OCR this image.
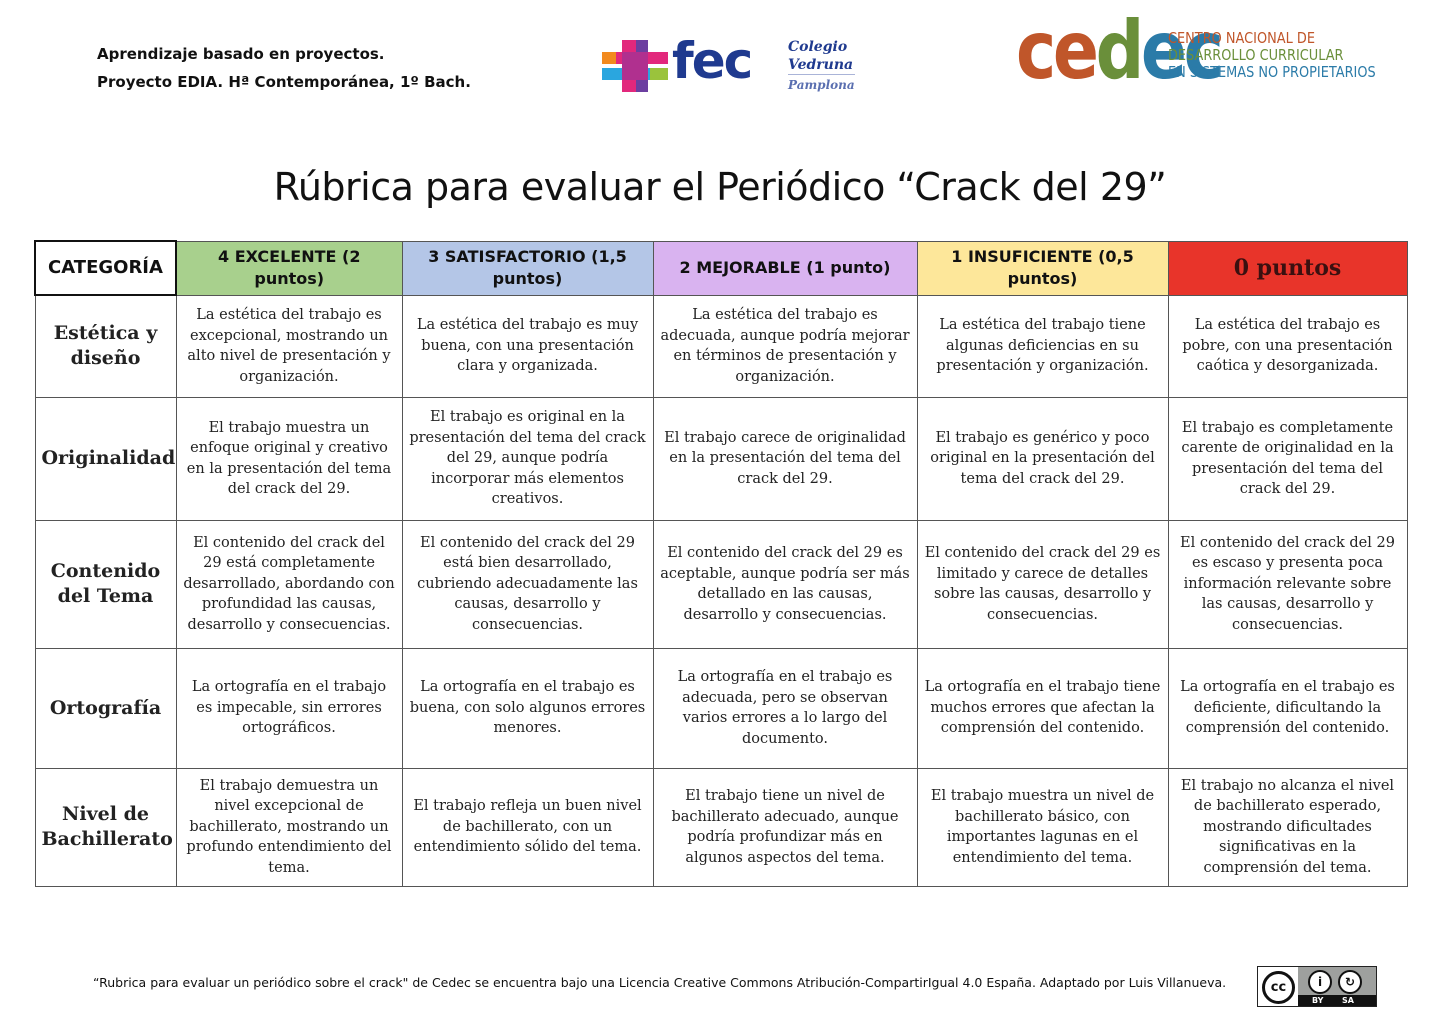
Aprendizaje basado en proyectos.
Proyecto EDIA. Hª Contemporánea, 1º Bach.	fec	Colegio
Vedruna
Pamplona cedec
CENTRO NACIONAL DE
DESARROLLO CURRICULAR
EN SISTEMAS NO PROPIETARIOS
Rúbrica para evaluar el Periódico “Crack del 29”
CATEGORÍA	4 EXCELENTE (2 puntos)	3 SATISFACTORIO (1,5 puntos)	2 MEJORABLE (1 punto)	1 INSUFICIENTE (0,5 puntos)	0 puntos
Estética y diseño	La estética del trabajo es excepcional, mostrando un alto nivel de presentación y organización.	La estética del trabajo es muy buena, con una presentación clara y organizada.	La estética del trabajo es adecuada, aunque podría mejorar en términos de presentación y organización.	La estética del trabajo tiene algunas deficiencias en su presentación y organización.	La estética del trabajo es pobre, con una presentación caótica y desorganizada.
Originalidad	El trabajo muestra un enfoque original y creativo en la presentación del tema del crack del 29.	El trabajo es original en la presentación del tema del crack del 29, aunque podría incorporar más elementos creativos.	El trabajo carece de originalidad en la presentación del tema del crack del 29.	El trabajo es genérico y poco original en la presentación del tema del crack del 29.	El trabajo es completamente carente de originalidad en la presentación del tema del crack del 29.
Contenido del Tema	El contenido del crack del 29 está completamente desarrollado, abordando con profundidad las causas, desarrollo y consecuencias.	El contenido del crack del 29 está bien desarrollado, cubriendo adecuadamente las causas, desarrollo y consecuencias.	El contenido del crack del 29 es aceptable, aunque podría ser más detallado en las causas, desarrollo y consecuencias.	El contenido del crack del 29 es limitado y carece de detalles sobre las causas, desarrollo y consecuencias.	El contenido del crack del 29 es escaso y presenta poca información relevante sobre las causas, desarrollo y consecuencias.
Ortografía	La ortografía en el trabajo es impecable, sin errores ortográficos.	La ortografía en el trabajo es buena, con solo algunos errores menores.	La ortografía en el trabajo es adecuada, pero se observan varios errores a lo largo del documento.	La ortografía en el trabajo tiene muchos errores que afectan la comprensión del contenido.	La ortografía en el trabajo es deficiente, dificultando la comprensión del contenido.
Nivel de Bachillerato	El trabajo demuestra un nivel excepcional de bachillerato, mostrando un profundo entendimiento del tema.	El trabajo refleja un buen nivel de bachillerato, con un entendimiento sólido del tema.	El trabajo tiene un nivel de bachillerato adecuado, aunque podría profundizar más en algunos aspectos del tema.	El trabajo muestra un nivel de bachillerato básico, con importantes lagunas en el entendimiento del tema.	El trabajo no alcanza el nivel de bachillerato esperado, mostrando dificultades significativas en la comprensión del tema.
“Rubrica para evaluar un periódico sobre el crack" de Cedec se encuentra bajo una Licencia Creative Commons Atribución-CompartirIgual 4.0 España. Adaptado por Luis Villanueva.	cc	i	↻
BY SA
